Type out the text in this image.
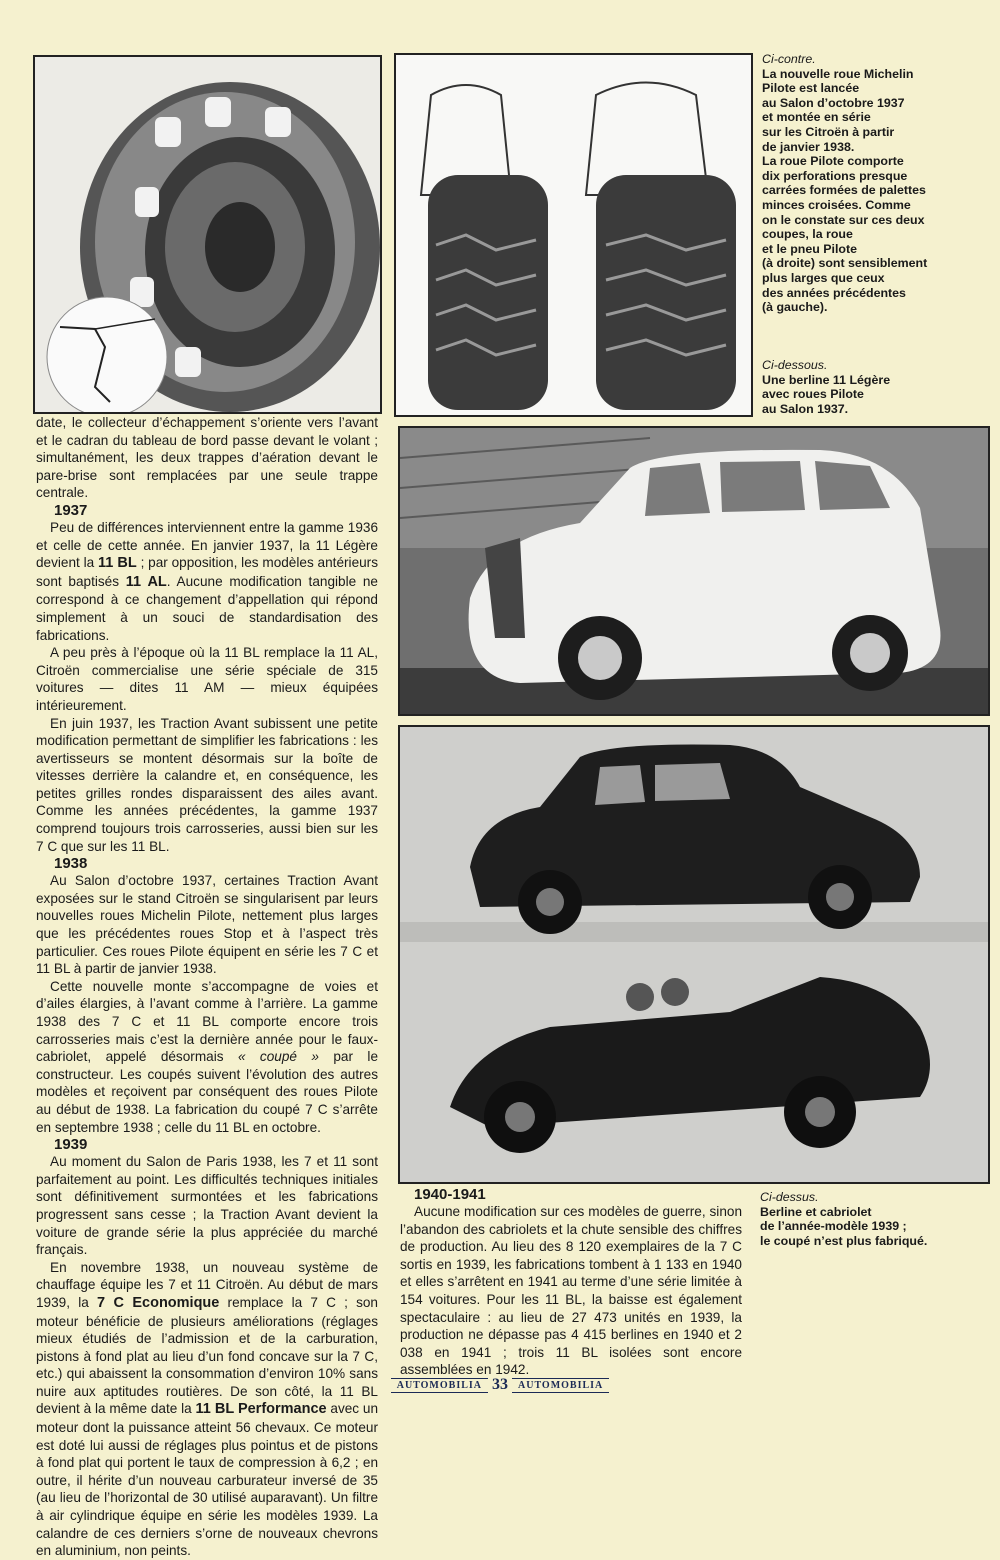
Ci-contre.
La nouvelle roue Michelin
Pilote est lancée
au Salon d’octobre 1937
et montée en série
sur les Citroën à partir
de janvier 1938.
La roue Pilote comporte
dix perforations presque
carrées formées de palettes
minces croisées. Comme
on le constate sur ces deux
coupes, la roue
et le pneu Pilote
(à droite) sont sensiblement
plus larges que ceux
des années précédentes
(à gauche).
Ci-dessous.
Une berline 11 Légère
avec roues Pilote
au Salon 1937.
Ci-dessus.
Berline et cabriolet
de l’année-modèle 1939 ;
le coupé n’est plus fabriqué.

date, le collecteur d’échappement s’oriente vers l’avant et le cadran du tableau de bord passe devant le volant ; simultanément, les deux trappes d’aération devant le pare-brise sont remplacées par une seule trappe centrale.

1937

Peu de différences interviennent entre la gamme 1936 et celle de cette année. En janvier 1937, la 11 Légère devient la 11 BL ; par opposition, les modèles antérieurs sont baptisés 11 AL. Aucune modification tangible ne correspond à ce changement d’appellation qui répond simplement à un souci de standardisation des fabrications.

A peu près à l’époque où la 11 BL remplace la 11 AL, Citroën commercialise une série spéciale de 315 voitures — dites 11 AM — mieux équipées intérieurement.

En juin 1937, les Traction Avant subissent une petite modification permettant de simplifier les fabrications : les avertisseurs se montent désormais sur la boîte de vitesses derrière la calandre et, en conséquence, les petites grilles rondes disparaissent des ailes avant. Comme les années précédentes, la gamme 1937 comprend toujours trois carrosseries, aussi bien sur les 7 C que sur les 11 BL.

1938

Au Salon d’octobre 1937, certaines Traction Avant exposées sur le stand Citroën se singularisent par leurs nouvelles roues Michelin Pilote, nettement plus larges que les précédentes roues Stop et à l’aspect très particulier. Ces roues Pilote équipent en série les 7 C et 11 BL à partir de janvier 1938.

Cette nouvelle monte s’accompagne de voies et d’ailes élargies, à l’avant comme à l’arrière. La gamme 1938 des 7 C et 11 BL comporte encore trois carrosseries mais c’est la dernière année pour le faux-cabriolet, appelé désormais « coupé » par le constructeur. Les coupés suivent l’évolution des autres modèles et reçoivent par conséquent des roues Pilote au début de 1938. La fabrication du coupé 7 C s’arrête en septembre 1938 ; celle du 11 BL en octobre.

1939

Au moment du Salon de Paris 1938, les 7 et 11 sont parfaitement au point. Les difficultés techniques initiales sont définitivement surmontées et les fabrications progressent sans cesse ; la Traction Avant devient la voiture de grande série la plus appréciée du marché français.

En novembre 1938, un nouveau système de chauffage équipe les 7 et 11 Citroën. Au début de mars 1939, la 7 C Economique remplace la 7 C ; son moteur bénéficie de plusieurs améliorations (réglages mieux étudiés de l’admission et de la carburation, pistons à fond plat au lieu d’un fond concave sur la 7 C, etc.) qui abaissent la consommation d’environ 10% sans nuire aux aptitudes routières. De son côté, la 11 BL devient à la même date la 11 BL Performance avec un moteur dont la puissance atteint 56 chevaux. Ce moteur est doté lui aussi de réglages plus pointus et de pistons à fond plat qui portent le taux de compression à 6,2 ; en outre, il hérite d’un nouveau carburateur inversé de 35 (au lieu de l’horizontal de 30 utilisé auparavant). Un filtre à air cylindrique équipe en série les modèles 1939. La calandre de ces derniers s’orne de nouveaux chevrons en aluminium, non peints.

1940-1941

Aucune modification sur ces modèles de guerre, sinon l’abandon des cabriolets et la chute sensible des chiffres de production. Au lieu des 8 120 exemplaires de la 7 C sortis en 1939, les fabrications tombent à 1 133 en 1940 et elles s’arrêtent en 1941 au terme d’une série limitée à 154 voitures. Pour les 11 BL, la baisse est également spectaculaire : au lieu de 27 473 unités en 1939, la production ne dépasse pas 4 415 berlines en 1940 et 2 038 en 1941 ; trois 11 BL isolées sont encore assemblées en 1942.

AUTOMOBILIA 33	AUTOMOBILIA
